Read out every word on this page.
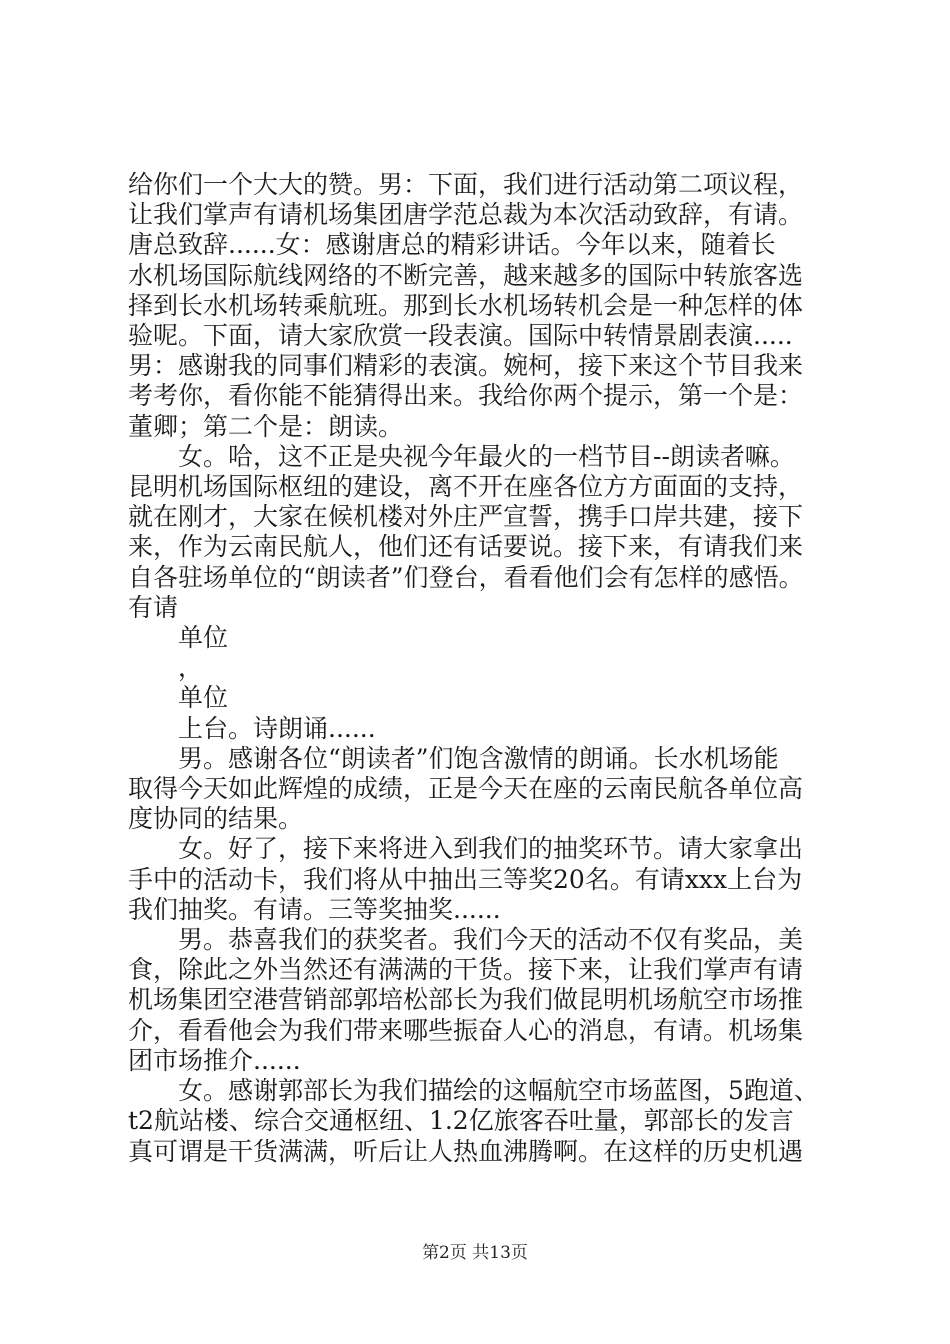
给你们一个大大的赞。男：下面，我们进行活动第二项议程，
让我们掌声有请机场集团唐学范总裁为本次活动致辞，有请。
唐总致辞......女：感谢唐总的精彩讲话。今年以来，随着长
水机场国际航线网络的不断完善，越来越多的国际中转旅客选
择到长水机场转乘航班。那到长水机场转机会是一种怎样的体
验呢。下面，请大家欣赏一段表演。国际中转情景剧表演.....
男：感谢我的同事们精彩的表演。婉柯，接下来这个节目我来
考考你，看你能不能猜得出来。我给你两个提示，第一个是：
董卿；第二个是：朗读。

女。哈，这不正是央视今年最火的一档节目--朗读者嘛。
昆明机场国际枢纽的建设，离不开在座各位方方面面的支持，
就在刚才，大家在候机楼对外庄严宣誓，携手口岸共建，接下
来，作为云南民航人，他们还有话要说。接下来，有请我们来
自各驻场单位的“朗读者”们登台，看看他们会有怎样的感悟。
有请

单位

，

单位

上台。诗朗诵......

男。感谢各位“朗读者”们饱含激情的朗诵。长水机场能
取得今天如此辉煌的成绩，正是今天在座的云南民航各单位高
度协同的结果。

女。好了，接下来将进入到我们的抽奖环节。请大家拿出
手中的活动卡，我们将从中抽出三等奖20名。有请xxx上台为
我们抽奖。有请。三等奖抽奖......

男。恭喜我们的获奖者。我们今天的活动不仅有奖品，美
食，除此之外当然还有满满的干货。接下来，让我们掌声有请
机场集团空港营销部郭培松部长为我们做昆明机场航空市场推
介，看看他会为我们带来哪些振奋人心的消息，有请。机场集
团市场推介......

女。感谢郭部长为我们描绘的这幅航空市场蓝图，5跑道、
t2航站楼、综合交通枢纽、1.2亿旅客吞吐量，郭部长的发言
真可谓是干货满满，听后让人热血沸腾啊。在这样的历史机遇

第2页 共13页
